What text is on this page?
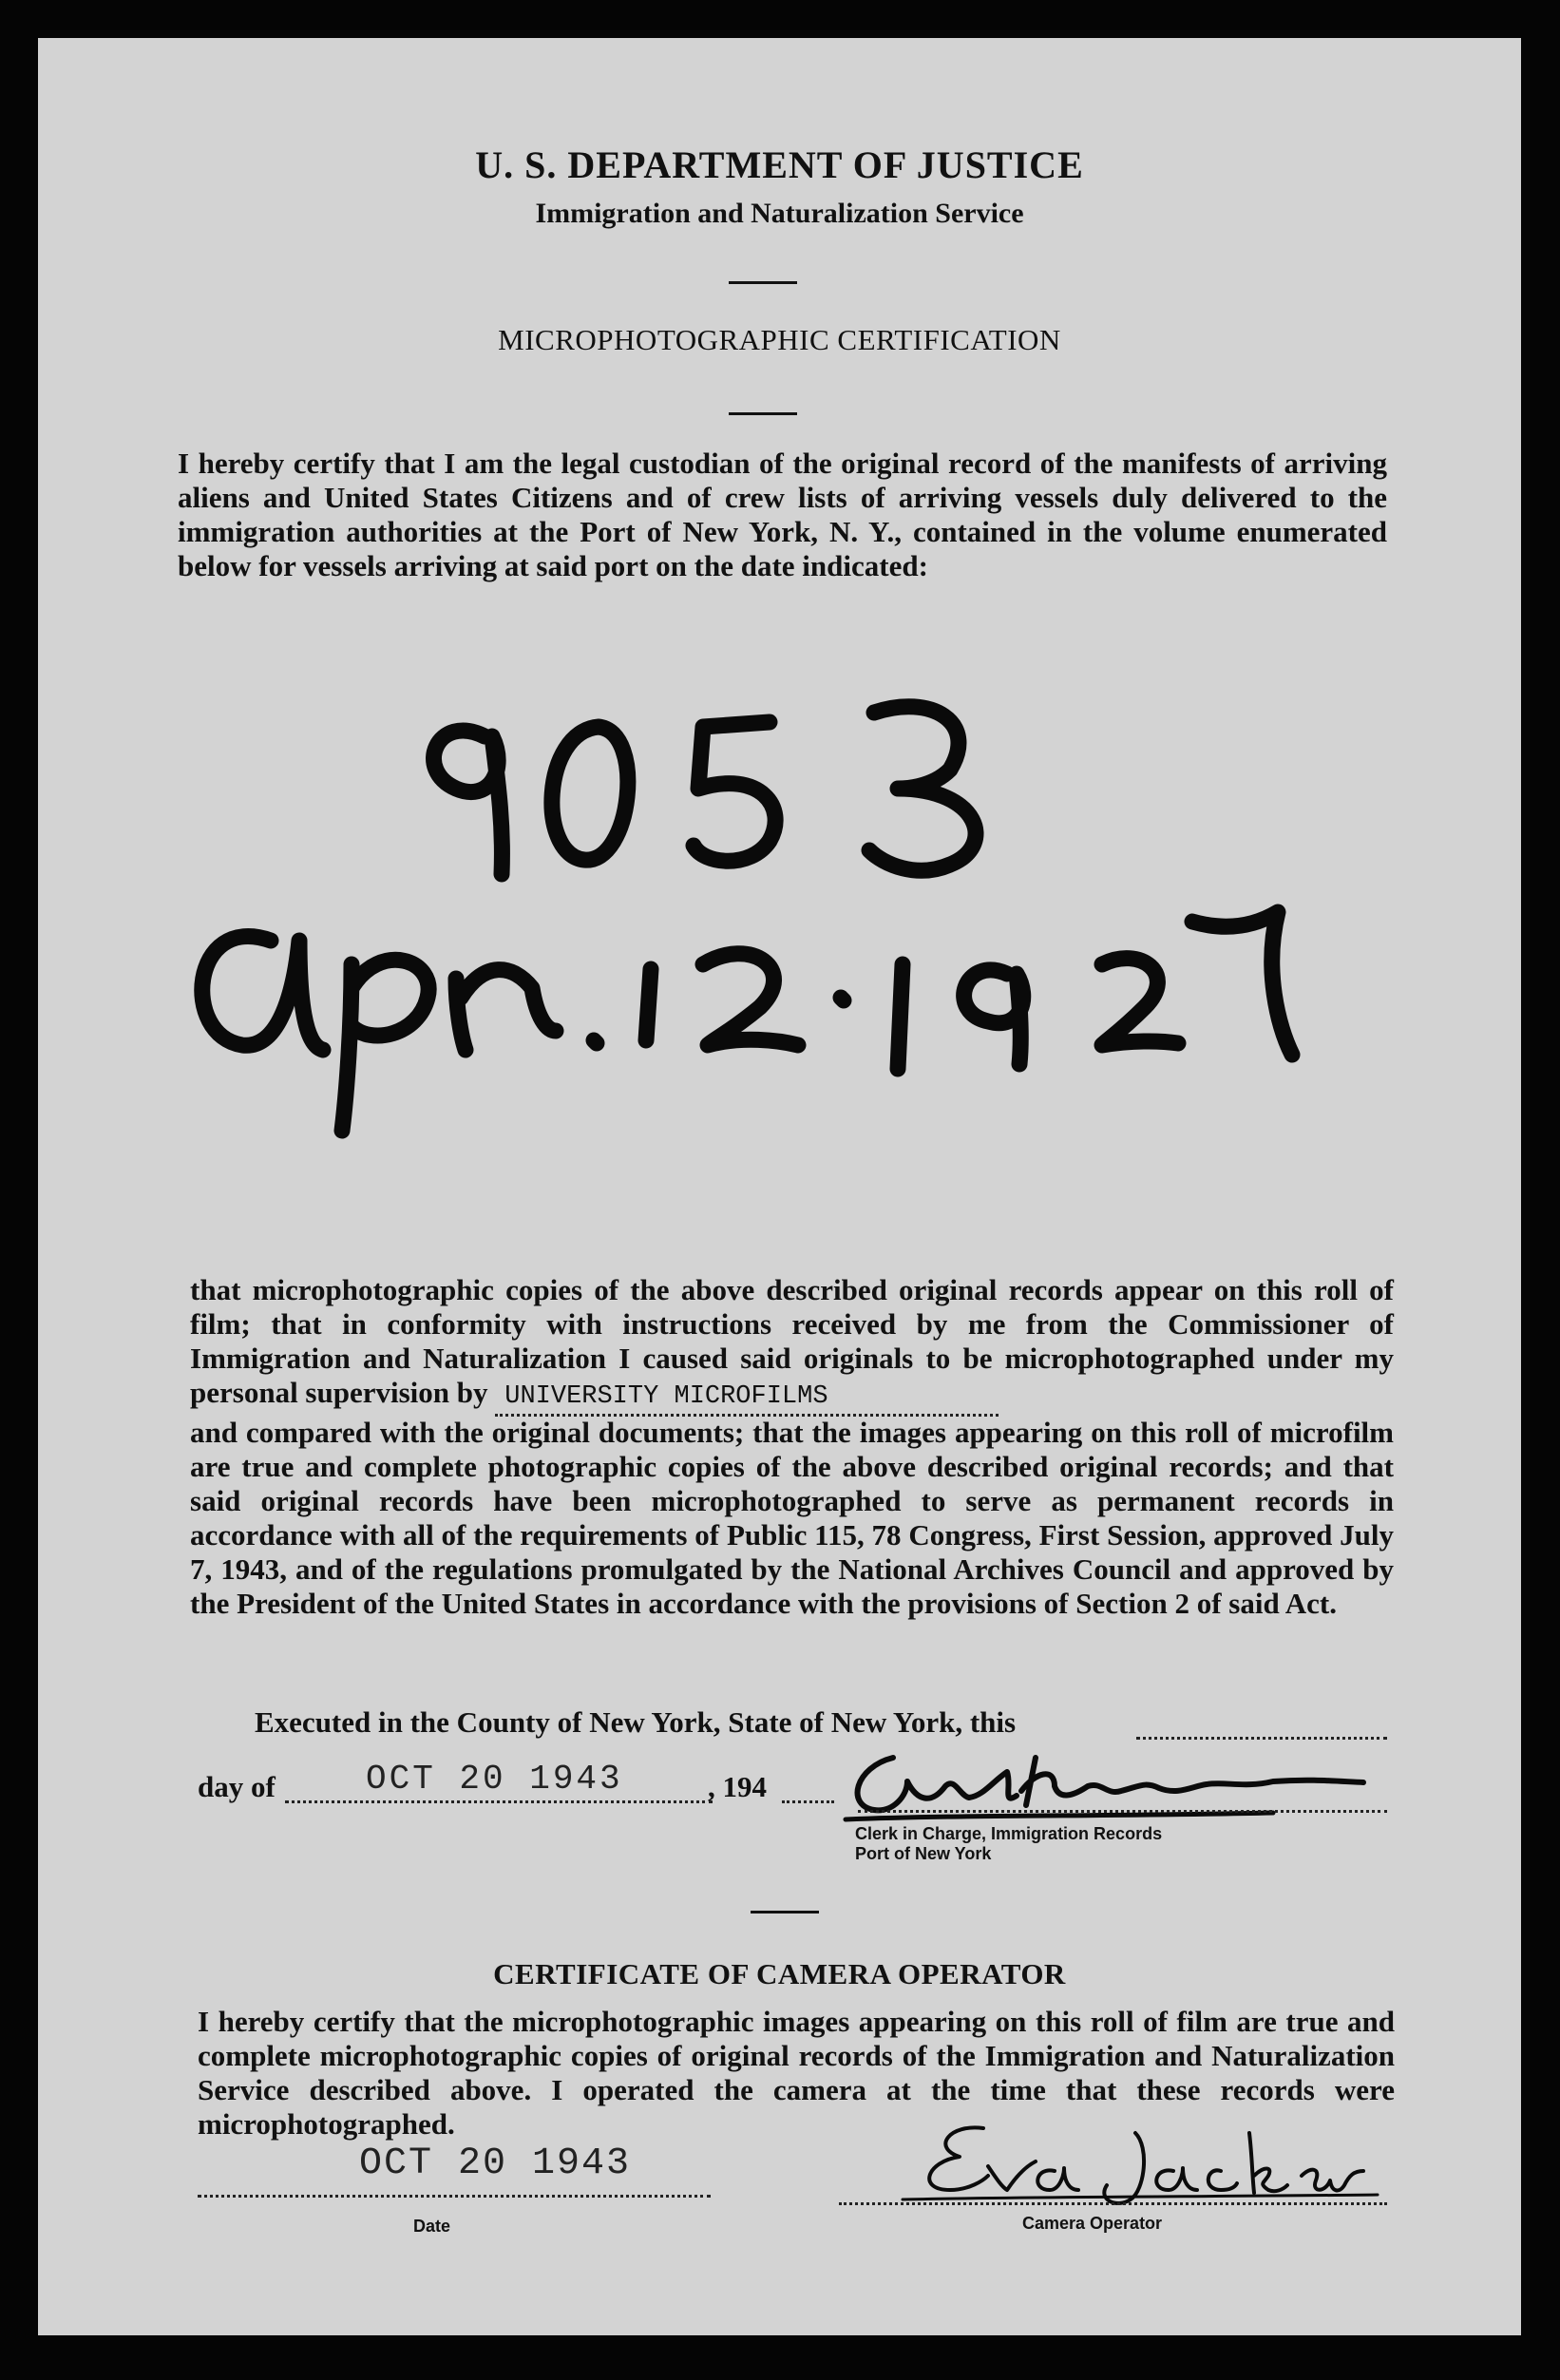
U. S. DEPARTMENT OF JUSTICE
Immigration and Naturalization Service
MICROPHOTOGRAPHIC CERTIFICATION
I hereby certify that I am the legal custodian of the original record of the manifests of arriving aliens and United States Citizens and of crew lists of arriving vessels duly delivered to the immigration authorities at the Port of New York, N. Y., contained in the volume enumerated below for vessels arriving at said port on the date indicated:
that microphotographic copies of the above described original records appear on this roll of film; that in conformity with instructions received by me from the Commissioner of Immigration and Naturalization I caused said originals to be microphotographed under my personal supervision by UNIVERSITY MICROFILMS
and compared with the original documents; that the images appearing on this roll of microfilm are true and complete photographic copies of the above described original records; and that said original records have been microphotographed to serve as permanent records in accordance with all of the requirements of Public 115, 78 Congress, First Session, approved July 7, 1943, and of the regulations promulgated by the National Archives Council and approved by the President of the United States in accordance with the provisions of Section 2 of said Act.
Executed in the County of New York, State of New York, this
day of	OCT 20 1943	, 194
Clerk in Charge, Immigration Records
Port of New York
CERTIFICATE OF CAMERA OPERATOR
I hereby certify that the microphotographic images appearing on this roll of film are true and complete microphotographic copies of original records of the Immigration and Naturalization Service described above. I operated the camera at the time that these records were microphotographed.
OCT 20 1943
Date	Camera Operator
